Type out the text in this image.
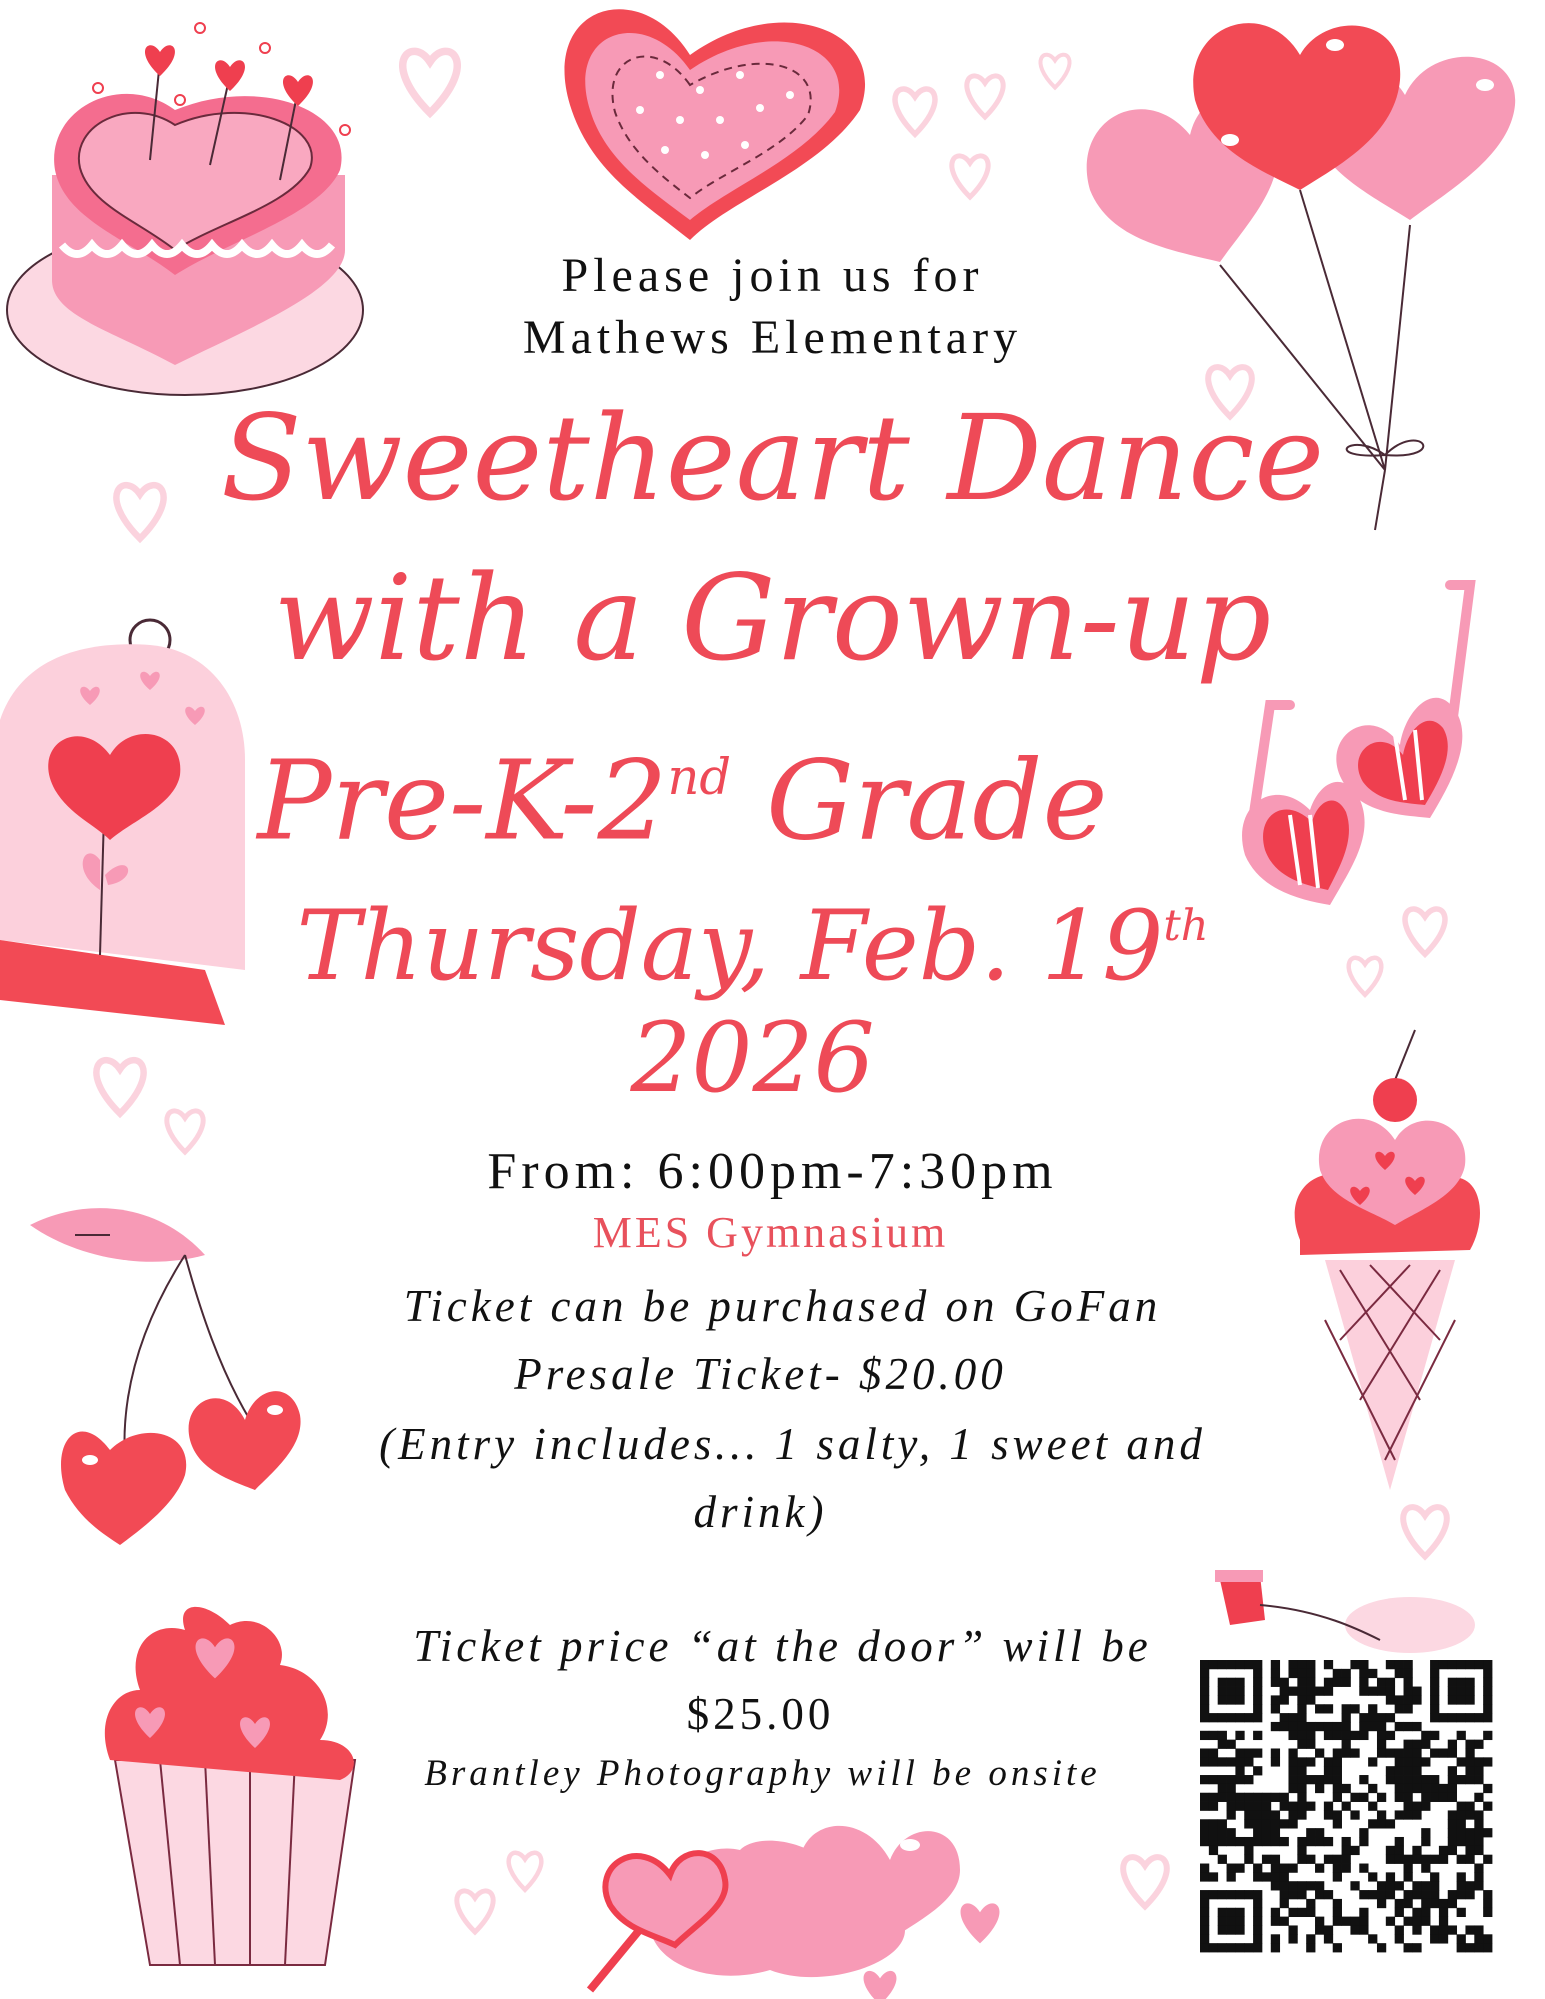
Please join us for
Mathews Elementary
Sweetheart Dance
with a Grown-up
Pre-K-2nd Grade
Thursday, Feb. 19th
2026
From: 6:00pm-7:30pm
MES Gymnasium
Ticket can be purchased on GoFan
Presale Ticket- $20.00
(Entry includes… 1 salty, 1 sweet and
drink)
Ticket price “at the door” will be
$25.00
Brantley Photography will be onsite
